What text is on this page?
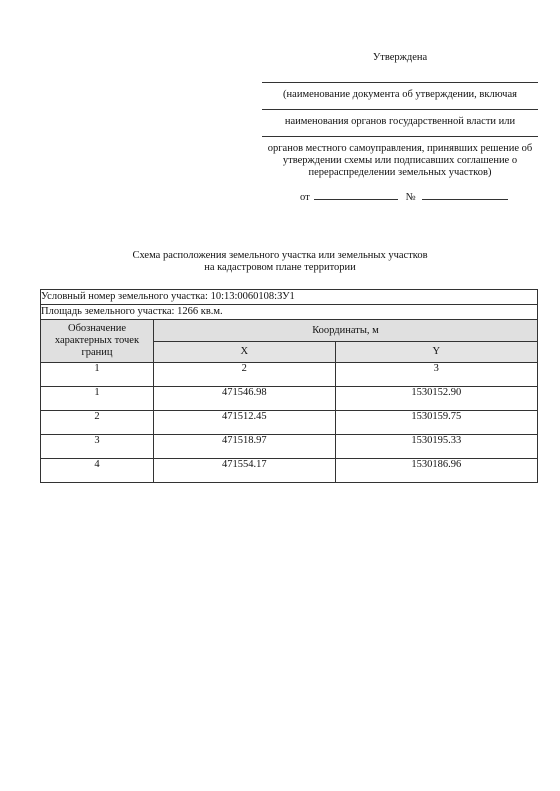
Утверждена
(наименование документа об утверждении, включая
наименования органов государственной власти или
органов местного самоуправления, принявших решение об утверждении схемы или подписавших соглашение о перераспределении земельных участков)
от	№
Схема расположения земельного участка или земельных участков
на кадастровом плане территории
Условный номер земельного участка: 10:13:0060108:ЗУ1		
Площадь земельного участка: 1266 кв.м.		
Обозначение характерных точек границ	Координаты, м	
	X	Y
1	2	3
1	471546.98	1530152.90
2	471512.45	1530159.75
3	471518.97	1530195.33
4	471554.17	1530186.96
